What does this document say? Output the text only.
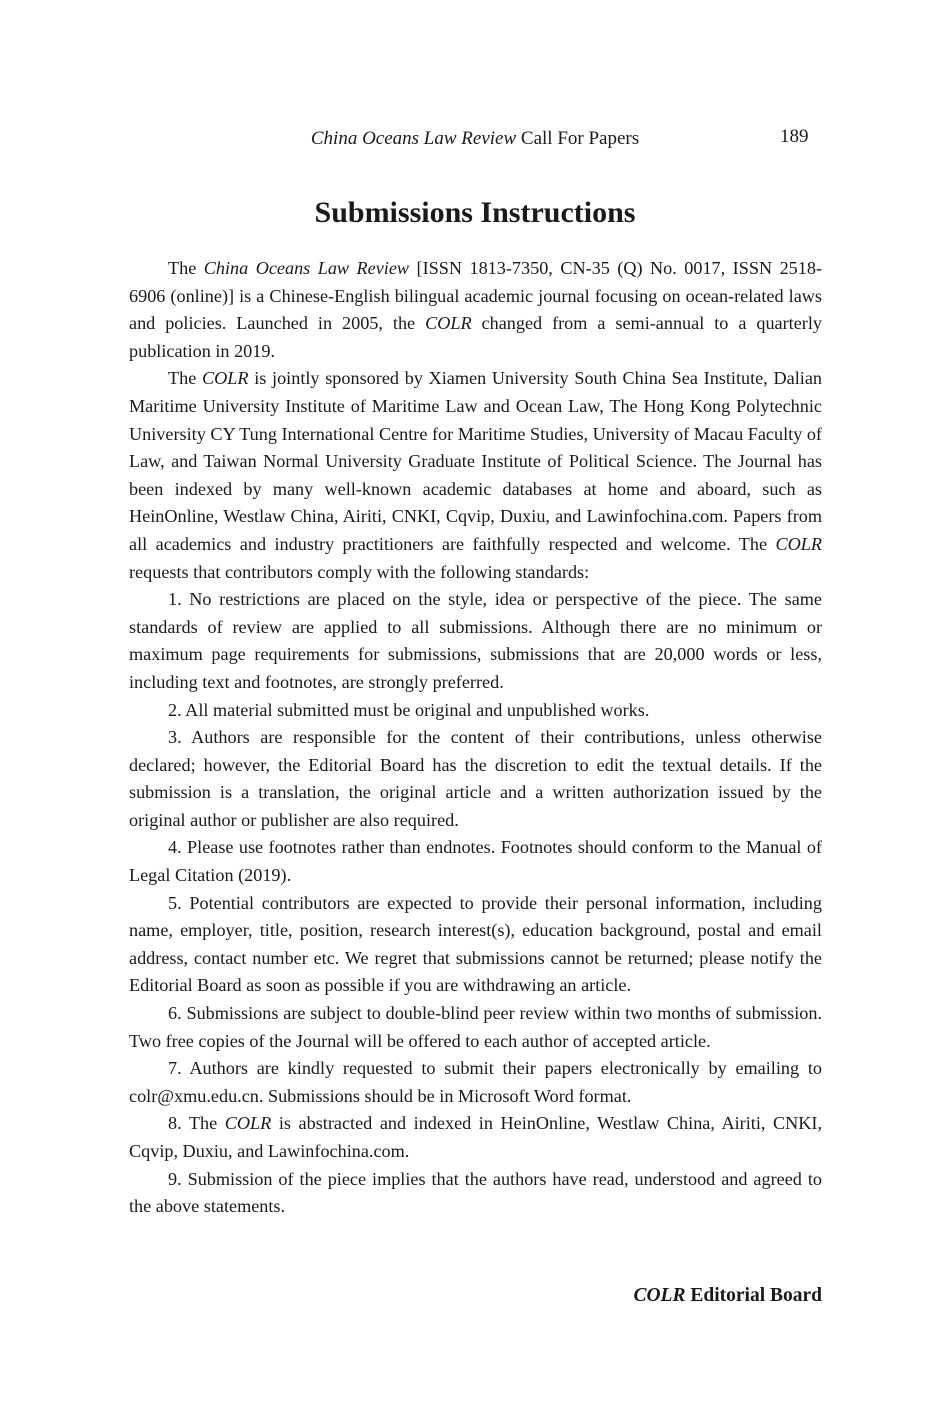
China Oceans Law Review Call For Papers	189
Submissions Instructions

The China Oceans Law Review [ISSN 1813-7350, CN-35 (Q) No. 0017, ISSN 2518-6906 (online)] is a Chinese-English bilingual academic journal focusing on ocean-related laws and policies. Launched in 2005, the COLR changed from a semi-annual to a quarterly publication in 2019.

The COLR is jointly sponsored by Xiamen University South China Sea Institute, Dalian Maritime University Institute of Maritime Law and Ocean Law, The Hong Kong Polytechnic University CY Tung International Centre for Maritime Studies, University of Macau Faculty of Law, and Taiwan Normal University Graduate Institute of Political Science. The Journal has been indexed by many well-known academic databases at home and aboard, such as HeinOnline, Westlaw China, Airiti, CNKI, Cqvip, Duxiu, and Lawinfochina.com. Papers from all academics and industry practitioners are faithfully respected and welcome. The COLR requests that contributors comply with the following standards:

1. No restrictions are placed on the style, idea or perspective of the piece. The same standards of review are applied to all submissions. Although there are no minimum or maximum page requirements for submissions, submissions that are 20,000 words or less, including text and footnotes, are strongly preferred.

2. All material submitted must be original and unpublished works.

3. Authors are responsible for the content of their contributions, unless otherwise declared; however, the Editorial Board has the discretion to edit the textual details. If the submission is a translation, the original article and a written authorization issued by the original author or publisher are also required.

4. Please use footnotes rather than endnotes. Footnotes should conform to the Manual of Legal Citation (2019).

5. Potential contributors are expected to provide their personal information, including name, employer, title, position, research interest(s), education background, postal and email address, contact number etc. We regret that submissions cannot be returned; please notify the Editorial Board as soon as possible if you are withdrawing an article.

6. Submissions are subject to double-blind peer review within two months of submission. Two free copies of the Journal will be offered to each author of accepted article.

7. Authors are kindly requested to submit their papers electronically by emailing to colr@xmu.edu.cn. Submissions should be in Microsoft Word format.

8. The COLR is abstracted and indexed in HeinOnline, Westlaw China, Airiti, CNKI, Cqvip, Duxiu, and Lawinfochina.com.

9. Submission of the piece implies that the authors have read, understood and agreed to the above statements.

COLR Editorial Board
